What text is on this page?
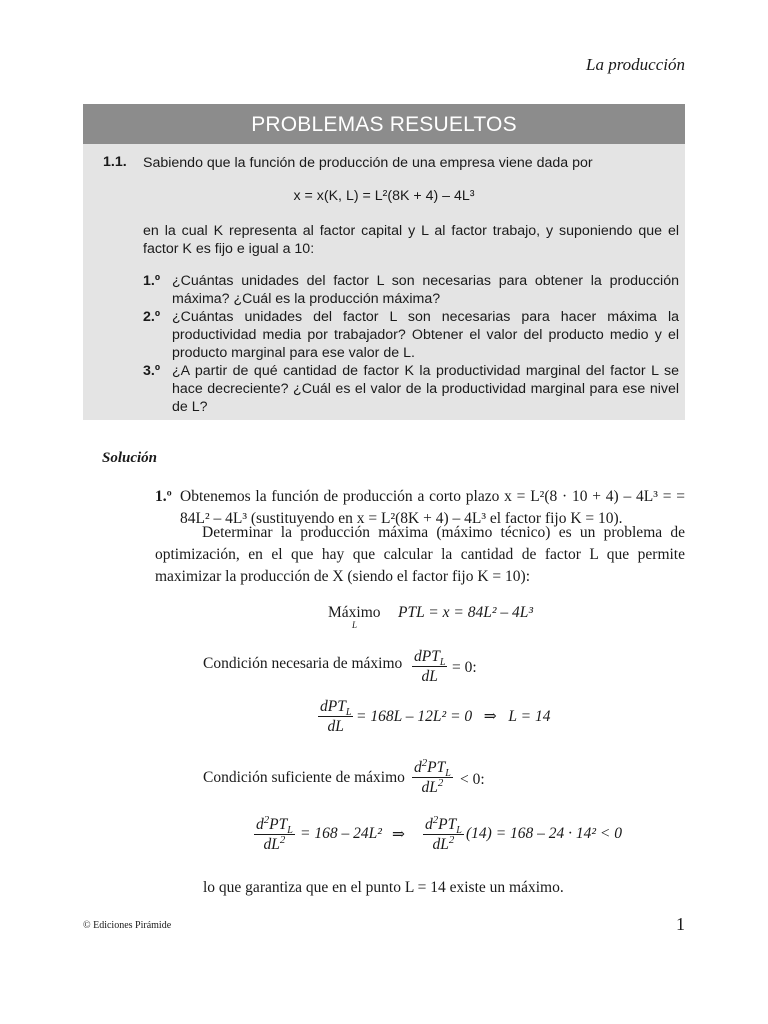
La producción
PROBLEMAS RESUELTOS
1.1. Sabiendo que la función de producción de una empresa viene dada por
x = x(K, L) = L²(8K + 4) – 4L³
en la cual K representa al factor capital y L al factor trabajo, y suponiendo que el factor K es fijo e igual a 10:
1.º ¿Cuántas unidades del factor L son necesarias para obtener la producción máxima? ¿Cuál es la producción máxima?
2.º ¿Cuántas unidades del factor L son necesarias para hacer máxima la productividad media por trabajador? Obtener el valor del producto medio y el producto marginal para ese valor de L.
3.º ¿A partir de qué cantidad de factor K la productividad marginal del factor L se hace decreciente? ¿Cuál es el valor de la productividad marginal para ese nivel de L?
Solución
1.º Obtenemos la función de producción a corto plazo x = L²(8 · 10 + 4) – 4L³ = = 84L² – 4L³ (sustituyendo en x = L²(8K + 4) – 4L³ el factor fijo K = 10).
Determinar la producción máxima (máximo técnico) es un problema de optimización, en el que hay que calcular la cantidad de factor L que permite maximizar la producción de X (siendo el factor fijo K = 10):
Máximo
L
PTL = x = 84L² – 4L³
Condición necesaria de máximo $\frac{dPT_L}{dL} = 0$:
$\frac{dPT_L}{dL} = 168L - 12L^2 = 0$   ⇒   L = 14
Condición suficiente de máximo $\frac{d^2PT_L}{dL^2} < 0$:
$\frac{d^2PT_L}{dL^2} = 168 - 24L^2$ ⇒ $\frac{d^2PT_L}{dL^2} (14) = 168 - 24 \cdot 14^2 < 0$
lo que garantiza que en el punto L = 14 existe un máximo.
© Ediciones Pirámide	1
